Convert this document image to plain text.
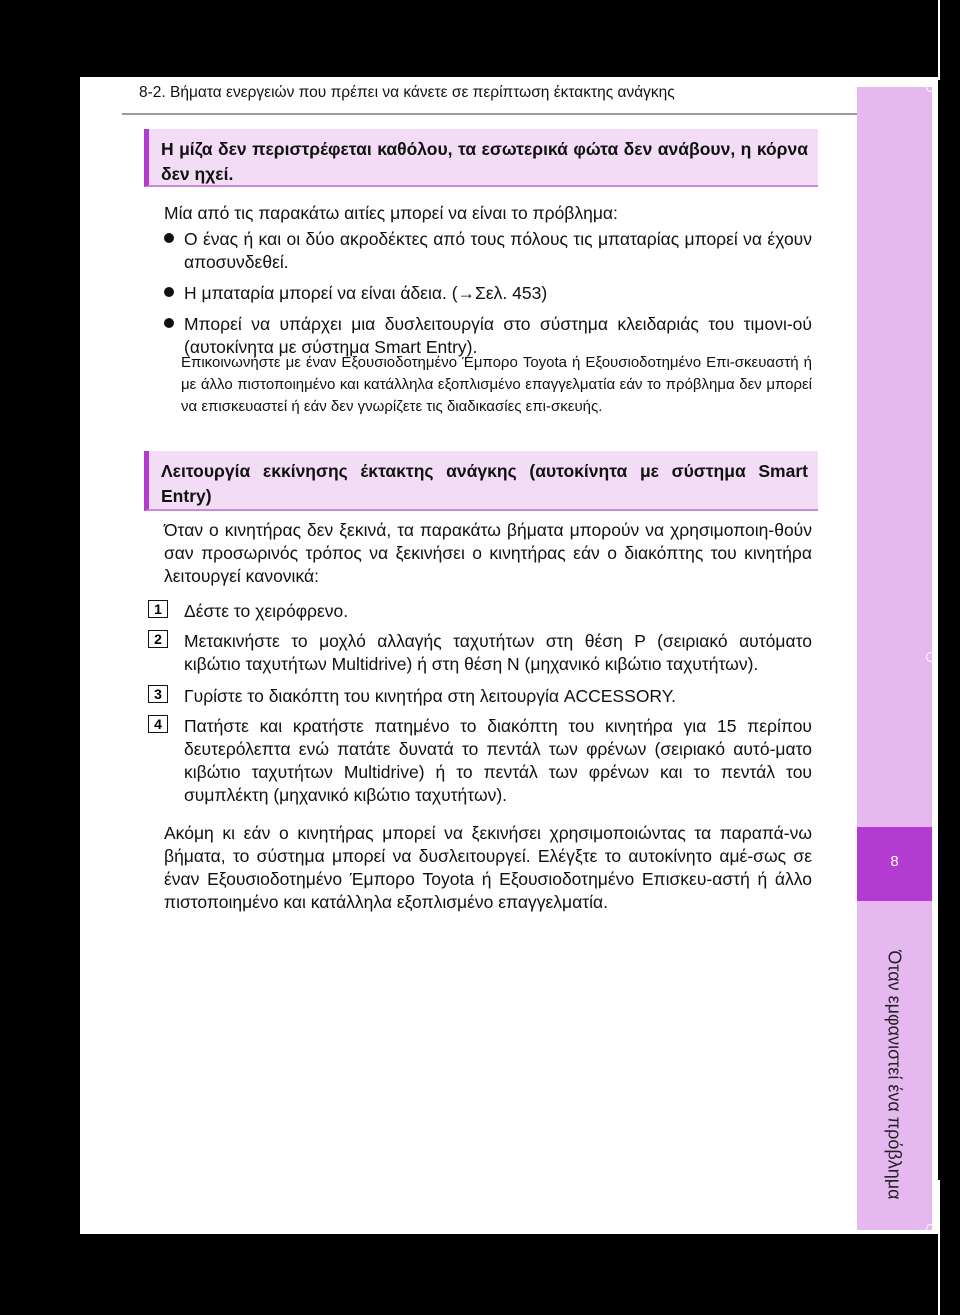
8-2. Βήματα ενεργειών που πρέπει να κάνετε σε περίπτωση έκτακτης ανάγκης
8
Όταν εμφανιστεί ένα πρόβλημα
Η μίζα δεν περιστρέφεται καθόλου, τα εσωτερικά φώτα δεν ανάβουν, η κόρνα δεν ηχεί.

Μία από τις παρακάτω αιτίες μπορεί να είναι το πρόβλημα:

Ο ένας ή και οι δύο ακροδέκτες από τους πόλους τις μπαταρίας μπορεί να έχουν αποσυνδεθεί.

Η μπαταρία μπορεί να είναι άδεια. (→Σελ. 453)

Μπορεί να υπάρχει μια δυσλειτουργία στο σύστημα κλειδαριάς του τιμονι-ού (αυτοκίνητα με σύστημα Smart Entry).

Επικοινωνήστε με έναν Εξουσιοδοτημένο Έμπορο Toyota ή Εξουσιοδοτημένο Επι-σκευαστή ή με άλλο πιστοποιημένο και κατάλληλα εξοπλισμένο επαγγελματία εάν το πρόβλημα δεν μπορεί να επισκευαστεί ή εάν δεν γνωρίζετε τις διαδικασίες επι-σκευής.
Λειτουργία εκκίνησης έκτακτης ανάγκης (αυτοκίνητα με σύστημα Smart Entry)

Όταν ο κινητήρας δεν ξεκινά, τα παρακάτω βήματα μπορούν να χρησιμοποιη-θούν σαν προσωρινός τρόπος να ξεκινήσει ο κινητήρας εάν ο διακόπτης του κινητήρα λειτουργεί κανονικά:

1	Δέστε το χειρόφρενο.

2	Μετακινήστε το μοχλό αλλαγής ταχυτήτων στη θέση P (σειριακό αυτόματο κιβώτιο ταχυτήτων Multidrive) ή στη θέση N (μηχανικό κιβώτιο ταχυτήτων).

3	Γυρίστε το διακόπτη του κινητήρα στη λειτουργία ACCESSORY.

4	Πατήστε και κρατήστε πατημένο το διακόπτη του κινητήρα για 15 περίπου δευτερόλεπτα ενώ πατάτε δυνατά το πεντάλ των φρένων (σειριακό αυτό-ματο κιβώτιο ταχυτήτων Multidrive) ή το πεντάλ των φρένων και το πεντάλ του συμπλέκτη (μηχανικό κιβώτιο ταχυτήτων).

Ακόμη κι εάν ο κινητήρας μπορεί να ξεκινήσει χρησιμοποιώντας τα παραπά-νω βήματα, το σύστημα μπορεί να δυσλειτουργεί. Ελέγξτε το αυτοκίνητο αμέ-σως σε έναν Εξουσιοδοτημένο Έμπορο Toyota ή Εξουσιοδοτημένο Επισκευ-αστή ή άλλο πιστοποιημένο και κατάλληλα εξοπλισμένο επαγγελματία.
